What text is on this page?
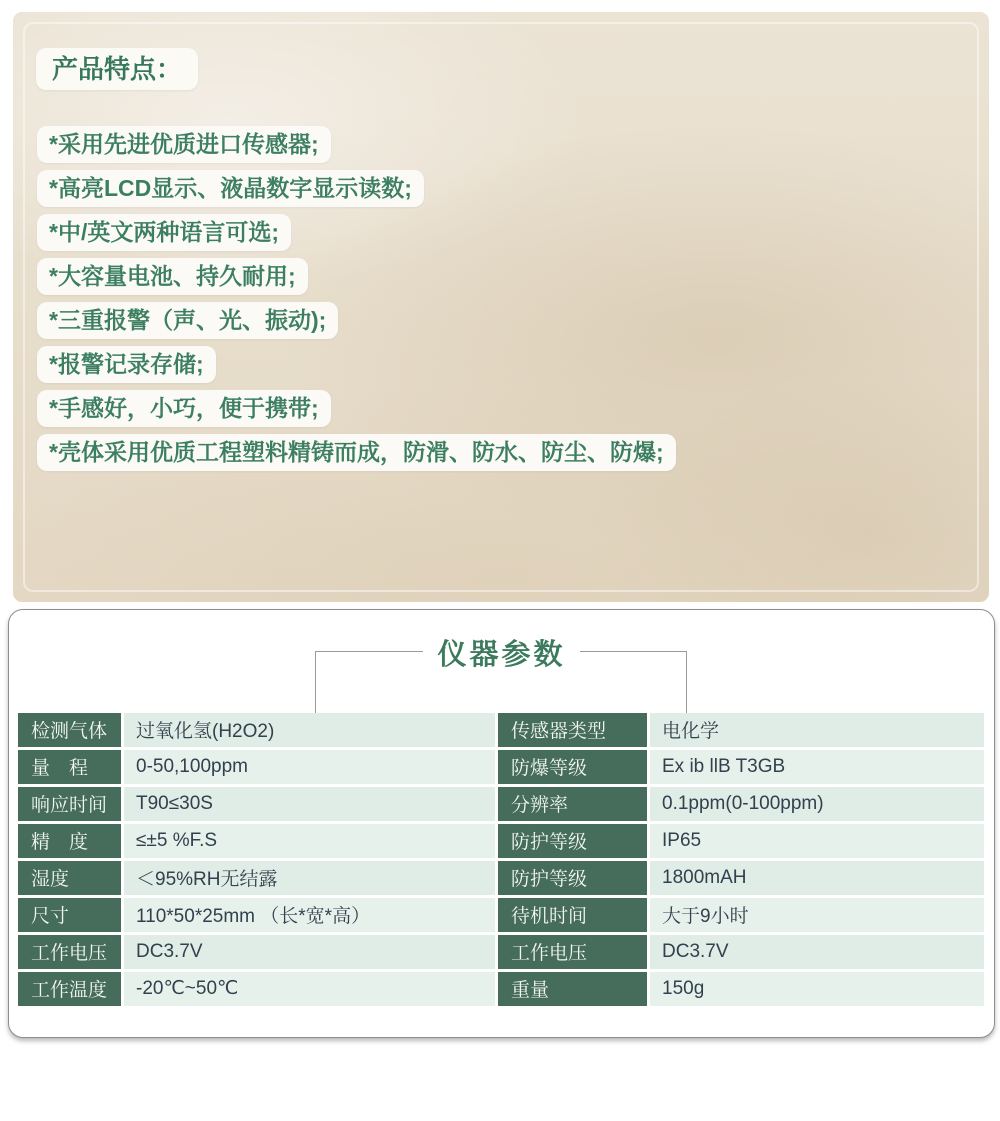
产品特点：
*采用先进优质进口传感器;
*高亮LCD显示、液晶数字显示读数;
*中/英文两种语言可选;
*大容量电池、持久耐用;
*三重报警（声、光、振动);
*报警记录存储;
*手感好，小巧，便于携带;
*壳体采用优质工程塑料精铸而成，防滑、防水、防尘、防爆;
仪器参数
检测气体	过氧化氢(H2O2)	传感器类型	电化学
量　程	0-50,100ppm	防爆等级	Ex ib llB T3GB
响应时间	T90≤30S	分辨率	0.1ppm(0-100ppm)
精　度	≤±5 %F.S	防护等级	IP65
湿度	＜95%RH无结露	防护等级	1800mAH
尺寸	110*50*25mm （长*宽*高）	待机时间	大于9小时
工作电压	DC3.7V	工作电压	DC3.7V
工作温度	-20℃~50℃	重量	150g
